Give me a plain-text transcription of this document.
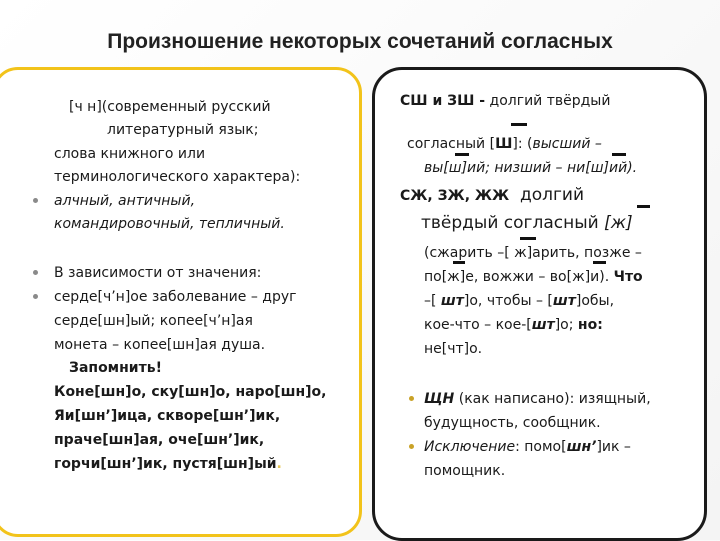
Произношение некоторых сочетаний согласных
[ч н](современный русский
литературный язык;
слова книжного или
терминологического характера):
алчный, античный,
командировочный, тепличный.
В зависимости от значения:
серде[ч’н]ое заболевание – друг
серде[шн]ый; копее[ч’н]ая
монета – копее[шн]ая душа.
Запомнить!
Коне[шн]о, ску[шн]о, наро[шн]о,
Яи[шн’]ица, скворе[шн’]ик,
праче[шн]ая, оче[шн’]ик,
горчи[шн’]ик, пустя[шн]ый.
СШ и ЗШ - долгий твёрдый
согласный [Ш]: (высший –
вы[ш]ий; низший – ни[ш]ий).
СЖ, ЗЖ, ЖЖ долгий
твёрдый согласный [ж]
(сжарить –[ ж]арить, позже –
по[ж]е, вожжи – во[ж]и). Что
–[ шт]о, чтобы – [шт]обы,
кое-что – кое-[шт]о; но:
не[чт]о.
ЩН (как написано): изящный,
будущность, сообщник.
Исключение: помо[шн’]ик –
помощник.
